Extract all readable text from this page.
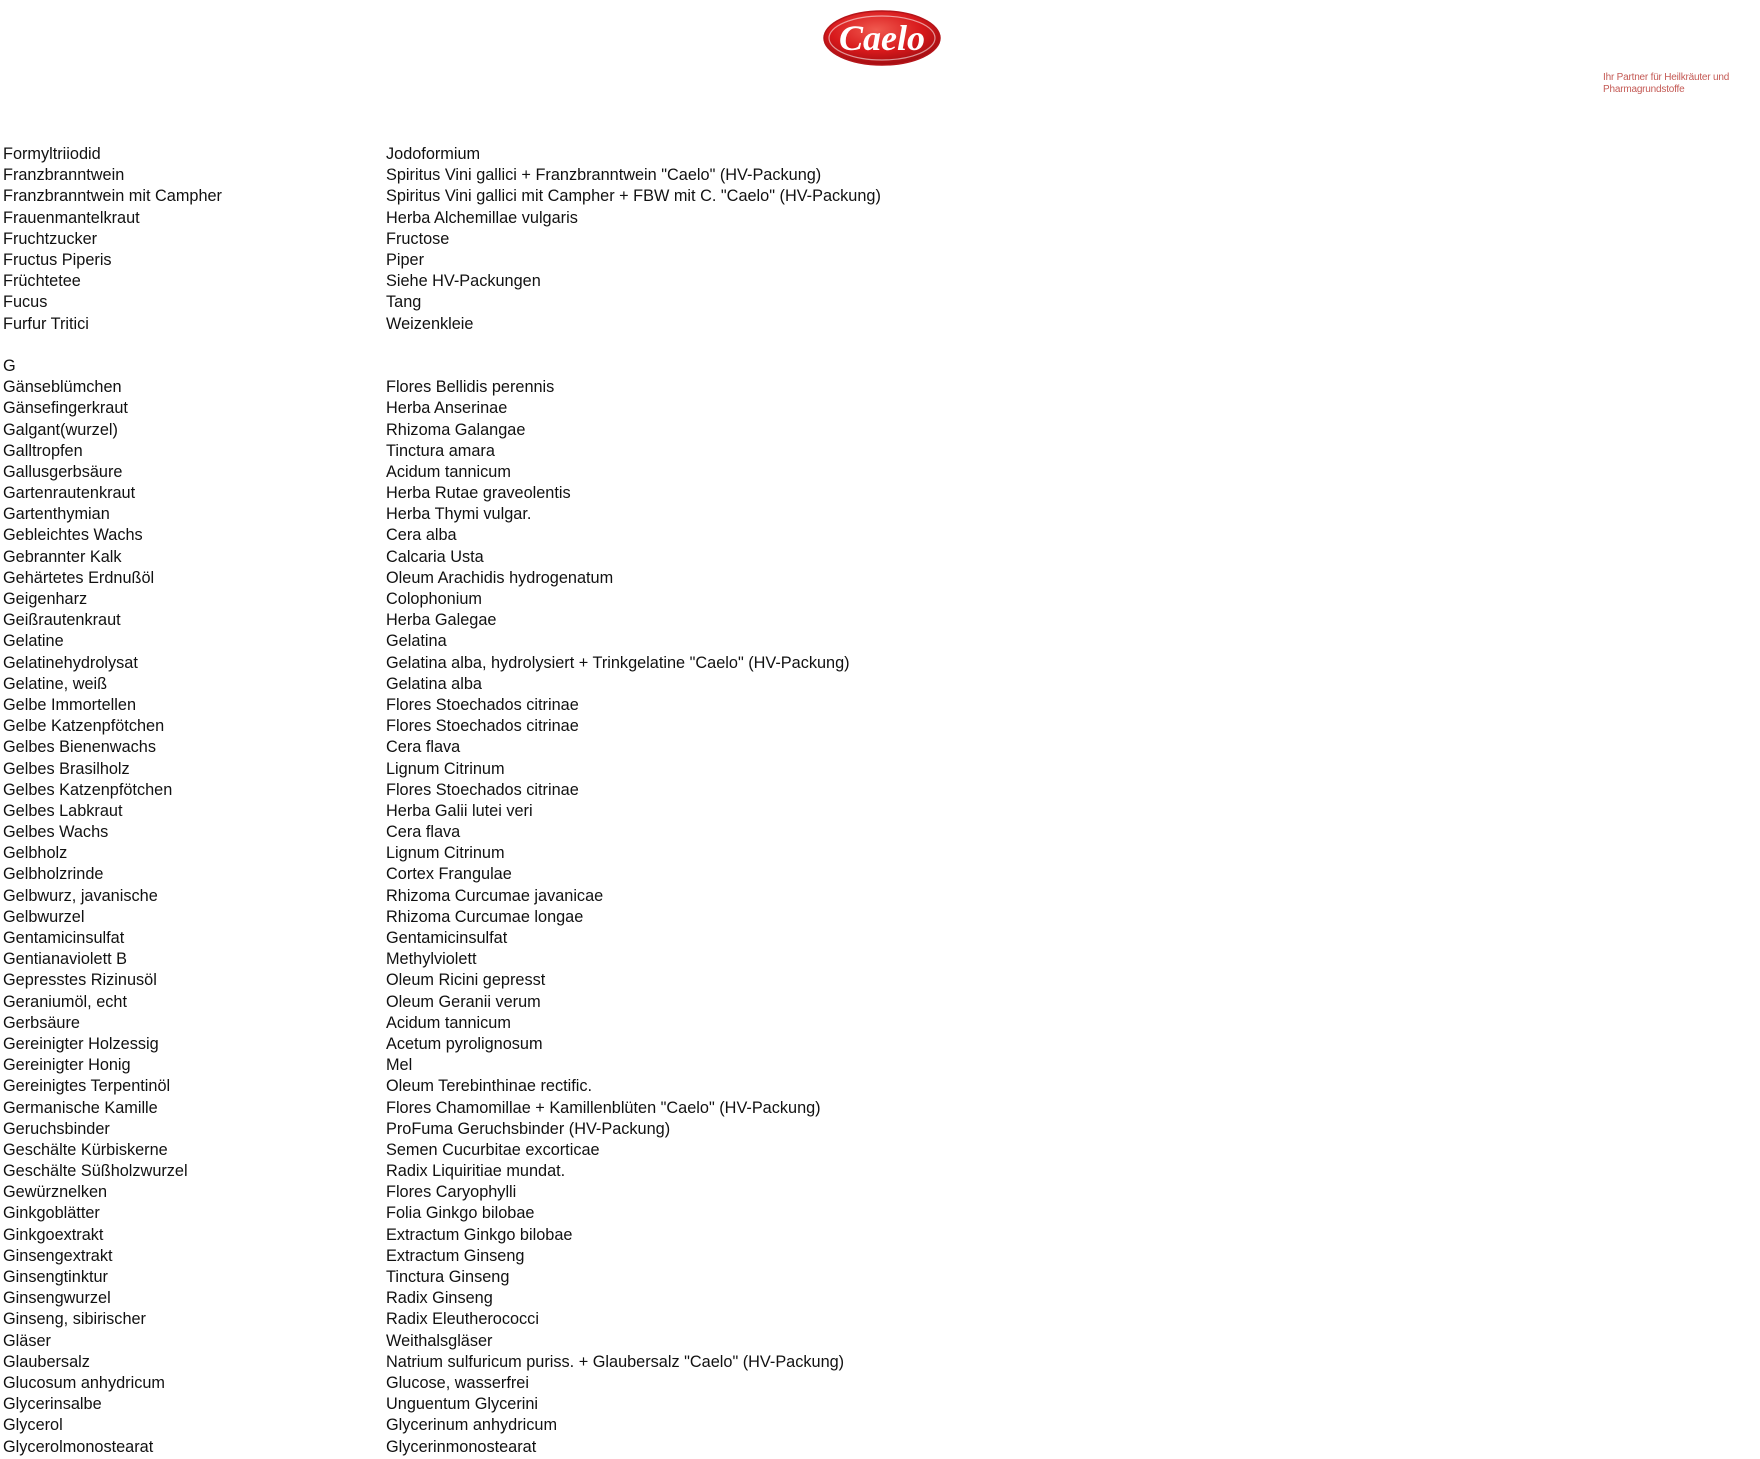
Caelo
Ihr Partner für Heilkräuter und
Pharmagrundstoffe
Formyltriiodid	Jodoformium
Franzbranntwein	Spiritus Vini gallici + Franzbranntwein "Caelo" (HV-Packung)
Franzbranntwein mit Campher	Spiritus Vini gallici mit Campher + FBW mit C. "Caelo" (HV-Packung)
Frauenmantelkraut	Herba Alchemillae vulgaris
Fruchtzucker	Fructose
Fructus Piperis	Piper
Früchtetee	Siehe HV-Packungen
Fucus	Tang
Furfur Tritici	Weizenkleie
G
Gänseblümchen	Flores Bellidis perennis
Gänsefingerkraut	Herba Anserinae
Galgant(wurzel)	Rhizoma Galangae
Galltropfen	Tinctura amara
Gallusgerbsäure	Acidum tannicum
Gartenrautenkraut	Herba Rutae graveolentis
Gartenthymian	Herba Thymi vulgar.
Gebleichtes Wachs	Cera alba
Gebrannter Kalk	Calcaria Usta
Gehärtetes Erdnußöl	Oleum Arachidis hydrogenatum
Geigenharz	Colophonium
Geißrautenkraut	Herba Galegae
Gelatine	Gelatina
Gelatinehydrolysat	Gelatina alba, hydrolysiert + Trinkgelatine "Caelo" (HV-Packung)
Gelatine, weiß	Gelatina alba
Gelbe Immortellen	Flores Stoechados citrinae
Gelbe Katzenpfötchen	Flores Stoechados citrinae
Gelbes Bienenwachs	Cera flava
Gelbes Brasilholz	Lignum Citrinum
Gelbes Katzenpfötchen	Flores Stoechados citrinae
Gelbes Labkraut	Herba Galii lutei veri
Gelbes Wachs	Cera flava
Gelbholz	Lignum Citrinum
Gelbholzrinde	Cortex Frangulae
Gelbwurz, javanische	Rhizoma Curcumae javanicae
Gelbwurzel	Rhizoma Curcumae longae
Gentamicinsulfat	Gentamicinsulfat
Gentianaviolett B	Methylviolett
Gepresstes Rizinusöl	Oleum Ricini gepresst
Geraniumöl, echt	Oleum Geranii verum
Gerbsäure	Acidum tannicum
Gereinigter Holzessig	Acetum pyrolignosum
Gereinigter Honig	Mel
Gereinigtes Terpentinöl	Oleum Terebinthinae rectific.
Germanische Kamille	Flores Chamomillae + Kamillenblüten "Caelo" (HV-Packung)
Geruchsbinder	ProFuma Geruchsbinder (HV-Packung)
Geschälte Kürbiskerne	Semen Cucurbitae excorticae
Geschälte Süßholzwurzel	Radix Liquiritiae mundat.
Gewürznelken	Flores Caryophylli
Ginkgoblätter	Folia Ginkgo bilobae
Ginkgoextrakt	Extractum Ginkgo bilobae
Ginsengextrakt	Extractum Ginseng
Ginsengtinktur	Tinctura Ginseng
Ginsengwurzel	Radix Ginseng
Ginseng, sibirischer	Radix Eleutherococci
Gläser	Weithalsgläser
Glaubersalz	Natrium sulfuricum puriss. + Glaubersalz "Caelo" (HV-Packung)
Glucosum anhydricum	Glucose, wasserfrei
Glycerinsalbe	Unguentum Glycerini
Glycerol	Glycerinum anhydricum
Glycerolmonostearat	Glycerinmonostearat
